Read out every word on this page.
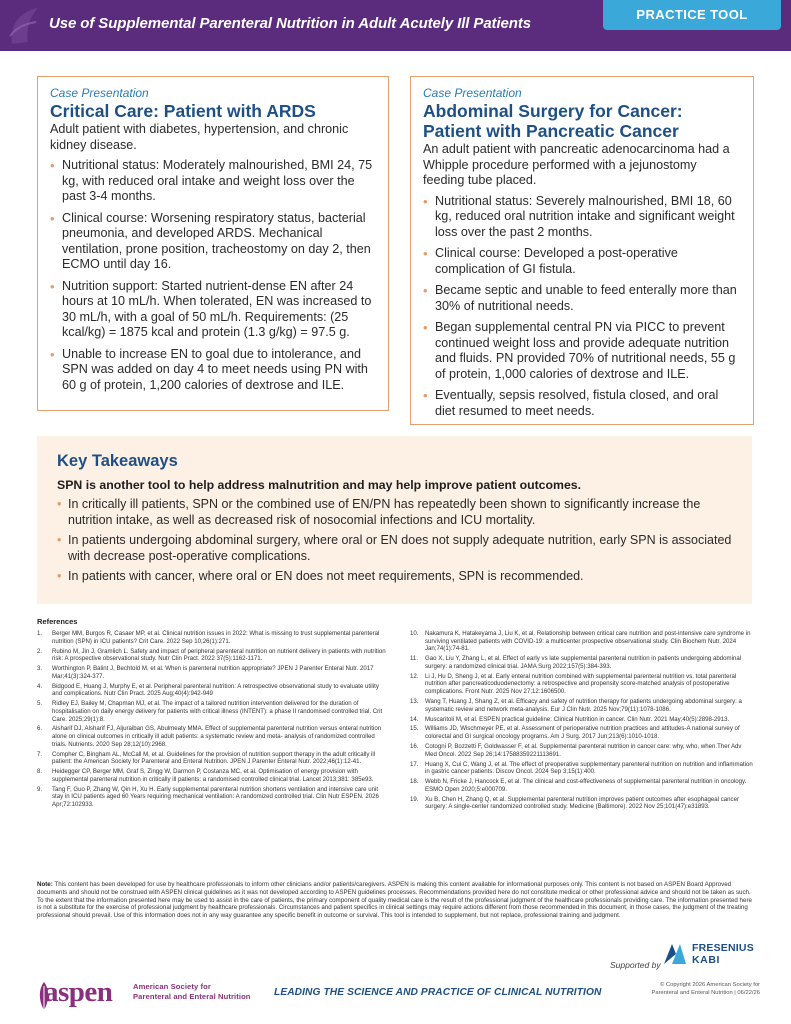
Use of Supplemental Parenteral Nutrition in Adult Acutely Ill Patients
PRACTICE TOOL
Case Presentation
Critical Care: Patient with ARDS
Adult patient with diabetes, hypertension, and chronic kidney disease.
• Nutritional status: Moderately malnourished, BMI 24, 75 kg, with reduced oral intake and weight loss over the past 3-4 months.
• Clinical course: Worsening respiratory status, bacterial pneumonia, and developed ARDS. Mechanical ventilation, prone position, tracheostomy on day 2, then ECMO until day 16.
• Nutrition support: Started nutrient-dense EN after 24 hours at 10 mL/h. When tolerated, EN was increased to 30 mL/h, with a goal of 50 mL/h. Requirements: (25 kcal/kg) = 1875 kcal and protein (1.3 g/kg) = 97.5 g.
• Unable to increase EN to goal due to intolerance, and SPN was added on day 4 to meet needs using PN with 60 g of protein, 1,200 calories of dextrose and ILE.
Case Presentation
Abdominal Surgery for Cancer:
Patient with Pancreatic Cancer
An adult patient with pancreatic adenocarcinoma had a Whipple procedure performed with a jejunostomy feeding tube placed.
• Nutritional status: Severely malnourished, BMI 18, 60 kg, reduced oral nutrition intake and significant weight loss over the past 2 months.
• Clinical course: Developed a post-operative complication of GI fistula.
• Became septic and unable to feed enterally more than 30% of nutritional needs.
• Began supplemental central PN via PICC to prevent continued weight loss and provide adequate nutrition and fluids. PN provided 70% of nutritional needs, 55 g of protein, 1,000 calories of dextrose and ILE.
• Eventually, sepsis resolved, fistula closed, and oral diet resumed to meet needs.
Key Takeaways
SPN is another tool to help address malnutrition and may help improve patient outcomes.
• In critically ill patients, SPN or the combined use of EN/PN has repeatedly been shown to significantly increase the nutrition intake, as well as decreased risk of nosocomial infections and ICU mortality.
• In patients undergoing abdominal surgery, where oral or EN does not supply adequate nutrition, early SPN is associated with decrease post-operative complications.
• In patients with cancer, where oral or EN does not meet requirements, SPN is recommended.
References
1. Berger MM, Burgos R, Casaer MP, et al. Clinical nutrition issues in 2022: What is missing to trust supplemental parenteral nutrition (SPN) in ICU patients? Crit Care. 2022 Sep 10;26(1):271.
2. Rubino M, Jin J, Gramlich L. Safety and impact of peripheral parenteral nutrition on nutrient delivery in patients with nutrition risk: A prospective observational study. Nutr Clin Pract. 2022 37(5):1162-1171.
3. Worthington P, Balint J, Bechtold M, et al. When is parenteral nutrition appropriate? JPEN J Parenter Enteral Nutr. 2017 Mar;41(3):324-377.
4. Bidgood E, Huang J, Murphy E, et al. Peripheral parenteral nutrition: A retrospective observational study to evaluate utility and complications. Nutr Clin Pract. 2025 Aug;40(4):942-949
5. Ridley EJ, Bailey M, Chapman MJ, et al. The impact of a tailored nutrition intervention delivered for the duration of hospitalisation on daily energy delivery for patients with critical illness (INTENT): a phase II randomised controlled trial. Crit Care. 2025;29(1):8.
6. Alsharif DJ, Alsharif FJ, Aljuraiban GS, Abulmeaty MMA. Effect of supplemental parenteral nutrition versus enteral nutrition alone on clinical outcomes in critically ill adult patients: a systematic review and meta- analysis of randomized controlled trials. Nutrients. 2020 Sep 28;12(10):2968.
7. Compher C, Bingham AL, McCall M, et al. Guidelines for the provision of nutrition support therapy in the adult critically ill patient: the American Society for Parenteral and Enteral Nutrition. JPEN J Parenter Enteral Nutr. 2022;46(1):12-41.
8. Heidegger CP, Berger MM, Graf S, Zingg W, Darmon P, Costanza MC, et al. Optimisation of energy provision with supplemental parenteral nutrition in critically ill patients: a randomised controlled clinical trial. Lancet 2013;381: 385e93.
9. Tang F, Guo P, Zhang W, Qin H, Xu H. Early supplemental parenteral nutrition shortens ventilation and intensive care unit stay in ICU patients aged 60 Years requiring mechanical ventilation: A randomized controlled trial. Clin Nutr ESPEN. 2026 Apr;72:102933.
10. Nakamura K, Hatakeyama J, Liu K, et al. Relationship between critical care nutrition and post-intensive care syndrome in surviving ventilated patients with COVID-19: a multicenter prospective observational study. Clin Biochem Nutr. 2024 Jan;74(1):74-81.
11. Gao X, Liu Y, Zhang L, et al. Effect of early vs late supplemental parenteral nutrition in patients undergoing abdominal surgery: a randomized clinical trial. JAMA Surg 2022;157(5):384-393.
12. Li J, Hu D, Sheng J, et al. Early enteral nutrition combined with supplemental parenteral nutrition vs. total parenteral nutrition after pancreaticoduodenectomy: a retrospective and propensity score-matched analysis of postoperative complications. Front Nutr. 2025 Nov 27;12:1606500.
13. Wang T, Huang J, Shang Z, et al. Efficacy and safety of nutrition therapy for patients undergoing abdominal surgery: a systematic review and network meta-analysis. Eur J Clin Nutr. 2025 Nov;79(11):1078-1086.
14. Muscaritoli M, et al. ESPEN practical guideline: Clinical Nutrition in cancer. Clin Nutr. 2021 May;40(5):2898-2913.
15. Williams JD, Wischmeyer PE, et al. Assessment of perioperative nutrition practices and attitudes-A national survey of colorectal and GI surgical oncology programs. Am J Surg. 2017 Jun;213(6):1010-1018.
16. Cotogni P, Bozzetti F, Goldwasser F, et al. Supplemental parenteral nutrition in cancer care: why, who, when.Ther Adv Med Oncol. 2022 Sep 26;14:17588359221113691.
17. Huang X, Cui C, Wang J, et al. The effect of preoperative supplementary parenteral nutrition on nutrition and inflammation in gastric cancer patients. Discov Oncol. 2024 Sep 3;15(1):400.
18. Webb N, Fricke J, Hancock E, et al. The clinical and cost-effectiveness of supplemental parenteral nutrition in oncology. ESMO Open 2020;5:e000709.
19. Xu B, Chen H, Zhang Q, et al. Supplemental parenteral nutrition improves patient outcomes after esophageal cancer surgery: A single-center randomized controlled study. Medicine (Baltimore). 2022 Nov 25;101(47):e31893.
Note: This content has been developed for use by healthcare professionals to inform other clinicians and/or patients/caregivers. ASPEN is making this content available for informational purposes only. This content is not based on ASPEN Board Approved documents and should not be construed with ASPEN clinical guidelines as it was not developed according to ASPEN guidelines processes. Recommendations provided here do not constitute medical or other professional advice and should not be taken as such. To the extent that the information presented here may be used to assist in the care of patients, the primary component of quality medical care is the result of the professional judgment of the healthcare professionals providing care. The information presented here is not a substitute for the exercise of professional judgment by healthcare professionals. Circumstances and patient specifics in clinical settings may require actions different from those recommended in this document; in those cases, the judgment of the treating professional should prevail. Use of this information does not in any way guarantee any specific benefit in outcome or survival. This tool is intended to supplement, but not replace, professional training and judgment.
Supported by
FRESENIUS
KABI
aspen	American Society for
Parenteral and Enteral Nutrition LEADING THE SCIENCE AND PRACTICE OF CLINICAL NUTRITION
© Copyright 2026 American Society for
Parenteral and Enteral Nutrition | 06/22/26
